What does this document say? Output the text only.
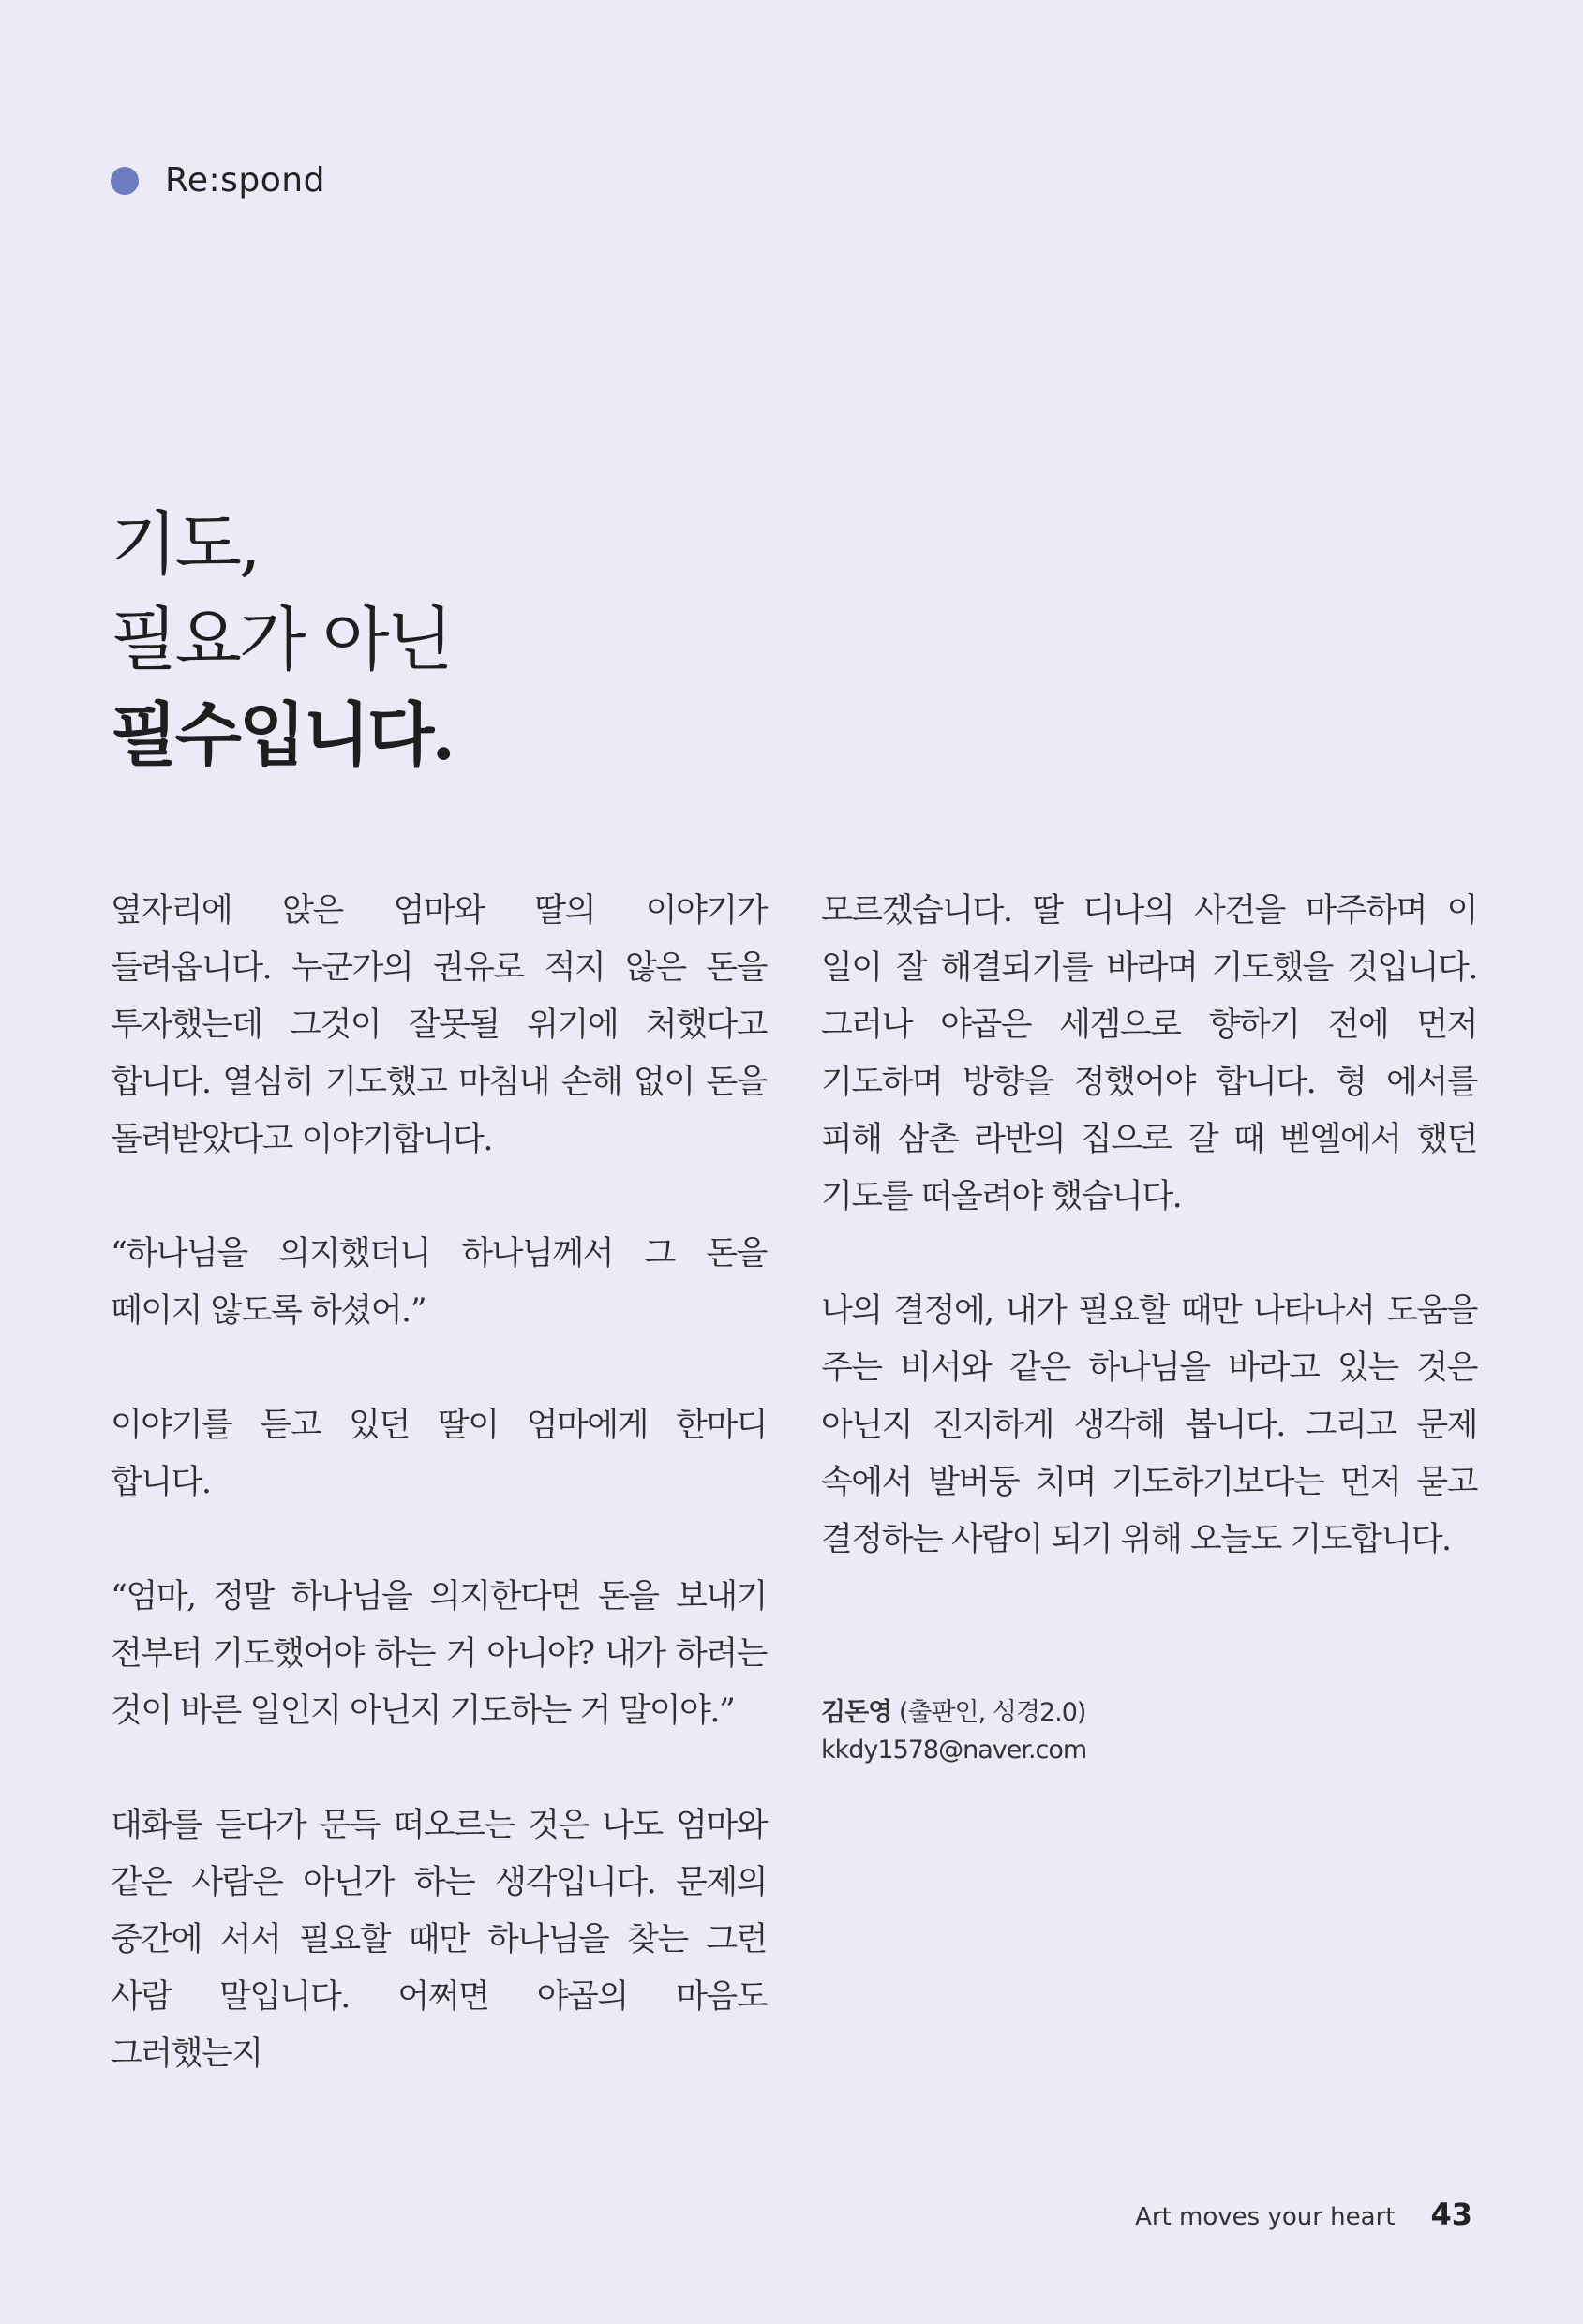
Re:spond
기도,
필요가 아닌
필수입니다.

옆자리에 앉은 엄마와 딸의 이야기가 들려옵니다. 누군가의 권유로 적지 않은 돈을 투자했는데 그것이 잘못될 위기에 처했다고 합니다. 열심히 기도했고 마침내 손해 없이 돈을 돌려받았다고 이야기합니다.

“하나님을 의지했더니 하나님께서 그 돈을 떼이지 않도록 하셨어.”

이야기를 듣고 있던 딸이 엄마에게 한마디 합니다.

“엄마, 정말 하나님을 의지한다면 돈을 보내기 전부터 기도했어야 하는 거 아니야? 내가 하려는 것이 바른 일인지 아닌지 기도하는 거 말이야.”

대화를 듣다가 문득 떠오르는 것은 나도 엄마와 같은 사람은 아닌가 하는 생각입니다. 문제의 중간에 서서 필요할 때만 하나님을 찾는 그런 사람 말입니다. 어쩌면 야곱의 마음도 그러했는지

모르겠습니다. 딸 디나의 사건을 마주하며 이 일이 잘 해결되기를 바라며 기도했을 것입니다. 그러나 야곱은 세겜으로 향하기 전에 먼저 기도하며 방향을 정했어야 합니다. 형 에서를 피해 삼촌 라반의 집으로 갈 때 벧엘에서 했던 기도를 떠올려야 했습니다.

나의 결정에, 내가 필요할 때만 나타나서 도움을 주는 비서와 같은 하나님을 바라고 있는 것은 아닌지 진지하게 생각해 봅니다. 그리고 문제 속에서 발버둥 치며 기도하기보다는 먼저 묻고 결정하는 사람이 되기 위해 오늘도 기도합니다.

김돈영 (출판인, 성경2.0)
kkdy1578@naver.com
Art moves your heart 43
